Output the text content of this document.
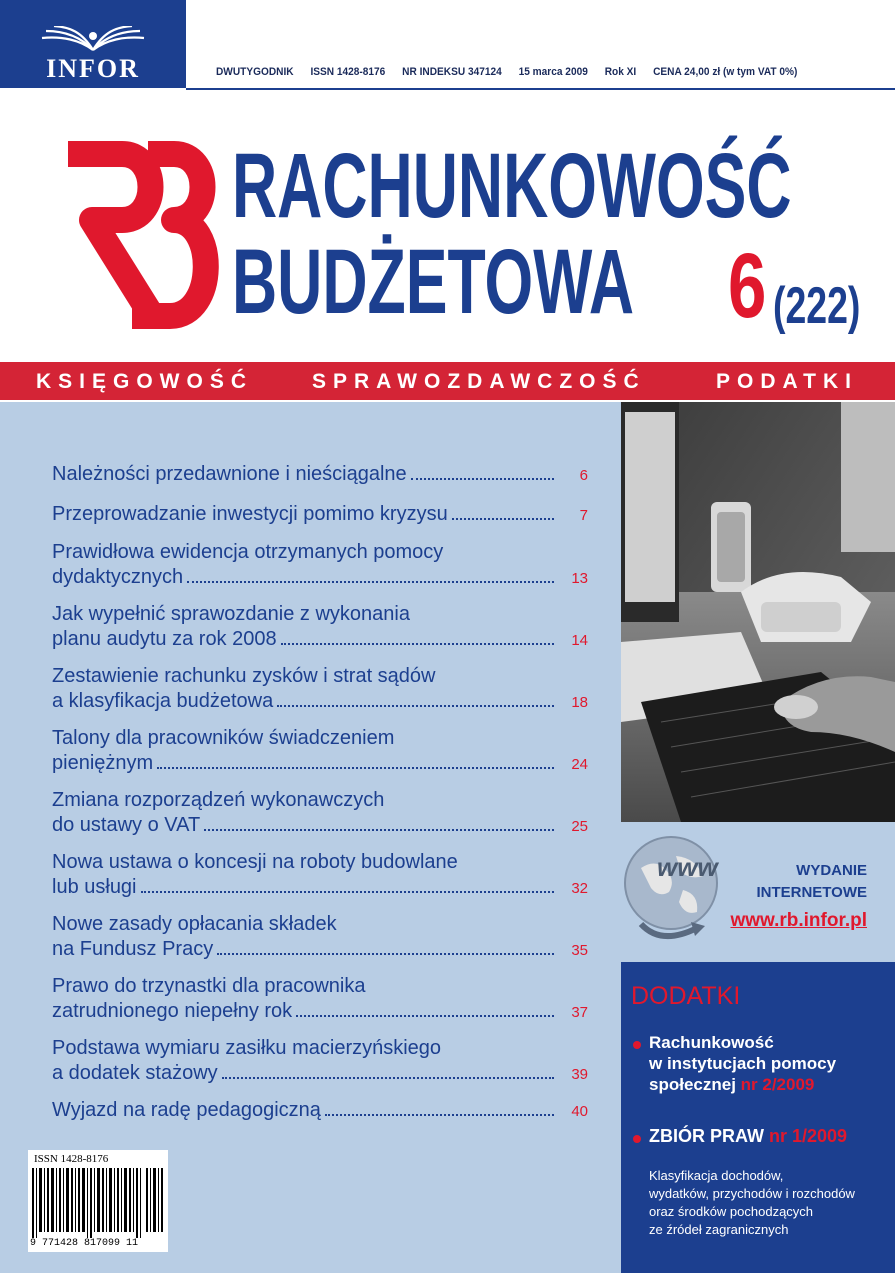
INFOR	DWUTYGODNIK ISSN 1428-8176 NR INDEKSU 347124 15 marca 2009 Rok XI CENA 24,00 zł (w tym VAT 0%)
RACHUNKOWOŚĆ
BUDŻETOWA 6 (222)
KSIĘGOWOŚĆ	SPRAWOZDAWCZOŚĆ	PODATKI
Należności przedawnione i nieściągalne	6
Przeprowadzanie inwestycji pomimo kryzysu	7
Prawidłowa ewidencja otrzymanych pomocy
dydaktycznych	13
Jak wypełnić sprawozdanie z wykonania
planu audytu za rok 2008	14
Zestawienie rachunku zysków i strat sądów
a klasyfikacja budżetowa	18
Talony dla pracowników świadczeniem
pieniężnym	24
Zmiana rozporządzeń wykonawczych
do ustawy o VAT	25
Nowa ustawa o koncesji na roboty budowlane
lub usługi	32
Nowe zasady opłacania składek
na Fundusz Pracy	35
Prawo do trzynastki dla pracownika
zatrudnionego niepełny rok	37
Podstawa wymiaru zasiłku macierzyńskiego
a dodatek stażowy	39
Wyjazd na radę pedagogiczną	40
www	WYDANIE
INTERNETOWE
www.rb.infor.pl
DODATKI
Rachunkowość
w instytucjach pomocy
społecznej nr 2/2009
ZBIÓR PRAW nr 1/2009
Klasyfikacja dochodów,
wydatków, przychodów i rozchodów
oraz środków pochodzących
ze źródeł zagranicznych
ISSN 1428-8176
9 771428 817099 11
